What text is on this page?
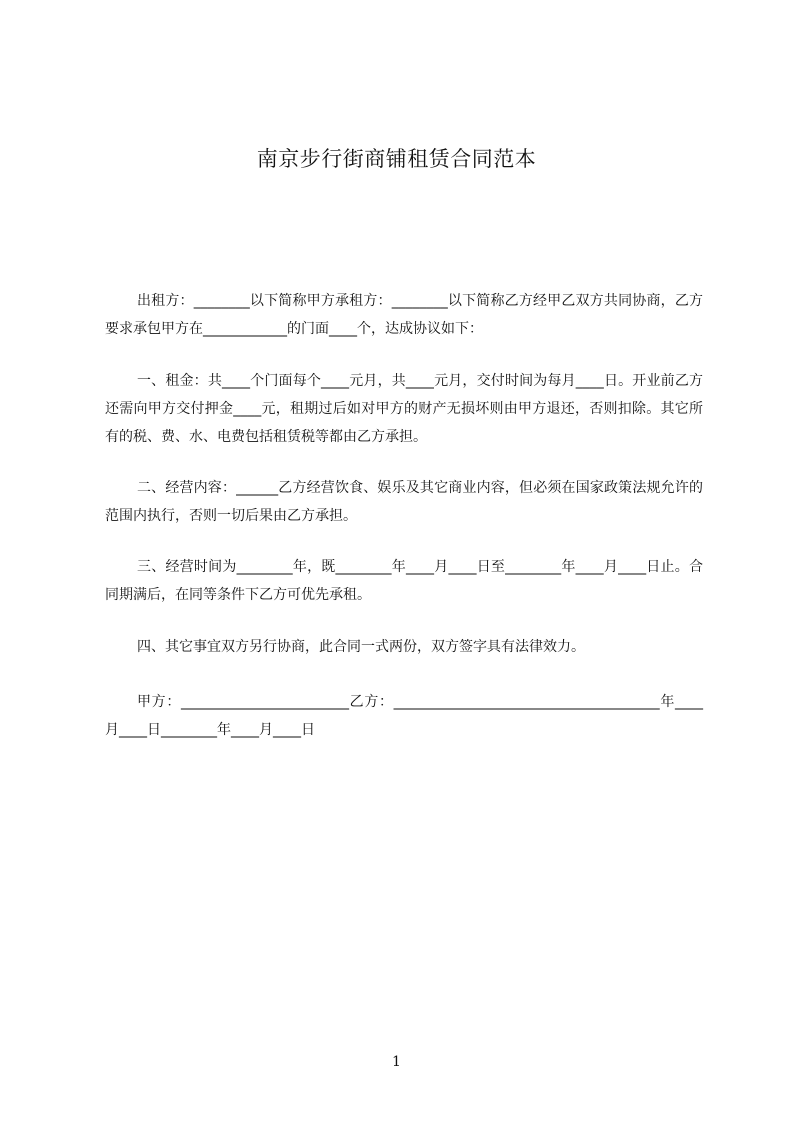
南京步行街商铺租赁合同范本

出租方：________以下简称甲方承租方：________以下简称乙方经甲乙双方共同协商，乙方要求承包甲方在____________的门面____个，达成协议如下：

一、租金：共____个门面每个____元月，共____元月，交付时间为每月____日。开业前乙方还需向甲方交付押金____元，租期过后如对甲方的财产无损坏则由甲方退还，否则扣除。其它所有的税、费、水、电费包括租赁税等都由乙方承担。

二、经营内容：______乙方经营饮食、娱乐及其它商业内容，但必须在国家政策法规允许的范围内执行，否则一切后果由乙方承担。

三、经营时间为________年，既________年____月____日至________年____月____日止。合同期满后，在同等条件下乙方可优先承租。

四、其它事宜双方另行协商，此合同一式两份，双方签字具有法律效力。

甲方：________________________乙方：______________________________________年____月____日________年____月____日

1
